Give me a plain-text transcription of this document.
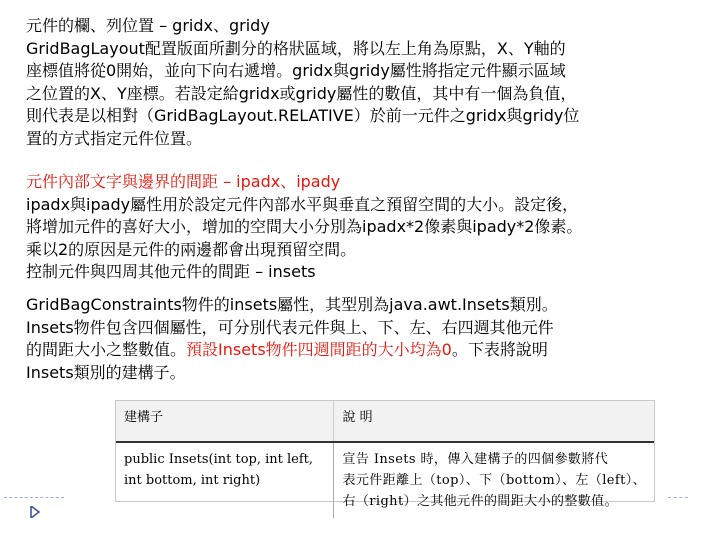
元件的欄、列位置 – gridx、gridy
GridBagLayout配置版面所劃分的格狀區域，將以左上角為原點，X、Y軸的
座標值將從0開始，並向下向右遞增。gridx與gridy屬性將指定元件顯示區域
之位置的X、Y座標。若設定給gridx或gridy屬性的數值，其中有一個為負值，
則代表是以相對（GridBagLayout.RELATIVE）於前一元件之gridx與gridy位
置的方式指定元件位置。
元件內部文字與邊界的間距 – ipadx、ipady
ipadx與ipady屬性用於設定元件內部水平與垂直之預留空間的大小。設定後，
將增加元件的喜好大小，增加的空間大小分別為ipadx*2像素與ipady*2像素。
乘以2的原因是元件的兩邊都會出現預留空間。
控制元件與四周其他元件的間距 – insets
GridBagConstraints物件的insets屬性，其型別為java.awt.Insets類別。
Insets物件包含四個屬性，可分別代表元件與上、下、左、右四週其他元件
的間距大小之整數值。預設Insets物件四週間距的大小均為0。下表將說明
Insets類別的建構子。
建構子	說 明

public Insets(int top, int left,
int bottom, int right)	宣告 Insets 時，傳入建構子的四個參數將代
表元件距離上（top）、下（bottom）、左（left）、
右（right）之其他元件的間距大小的整數值。
